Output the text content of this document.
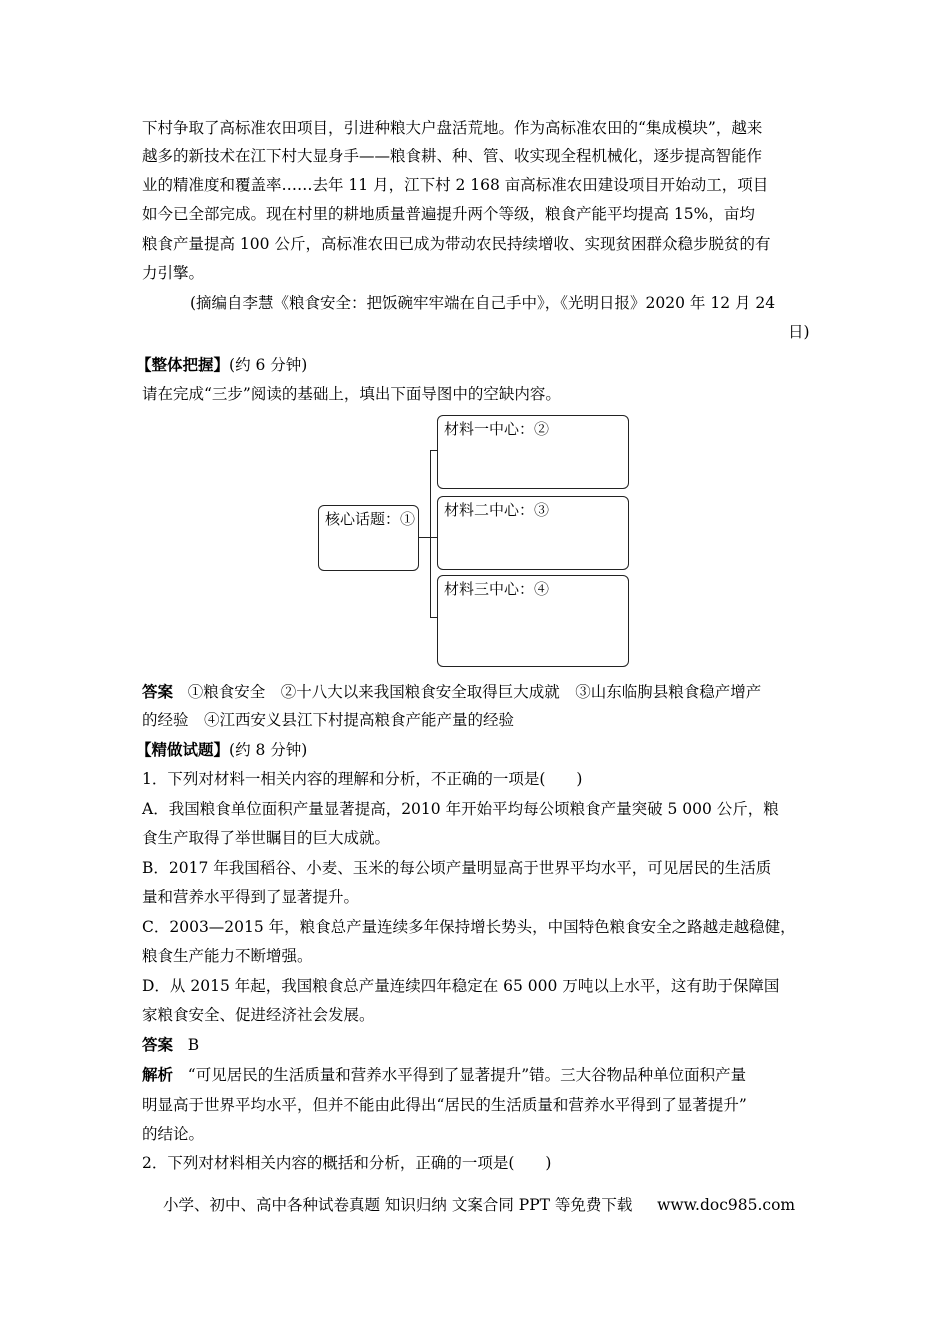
下村争取了高标准农田项目，引进种粮大户盘活荒地。作为高标准农田的“集成模块”，越来
越多的新技术在江下村大显身手——粮食耕、种、管、收实现全程机械化，逐步提高智能作
业的精准度和覆盖率……去年 11 月，江下村 2 168 亩高标准农田建设项目开始动工，项目
如今已全部完成。现在村里的耕地质量普遍提升两个等级，粮食产能平均提高 15%，亩均
粮食产量提高 100 公斤，高标准农田已成为带动农民持续增收、实现贫困群众稳步脱贫的有
力引擎。
(摘编自李慧《粮食安全：把饭碗牢牢端在自己手中》，《光明日报》2020 年 12 月 24
日)
【整体把握】(约 6 分钟)
请在完成“三步”阅读的基础上，填出下面导图中的空缺内容。
核心话题：①
材料一中心：②
材料二中心：③
材料三中心：④
答案 ①粮食安全　②十八大以来我国粮食安全取得巨大成就　③山东临朐县粮食稳产增产
的经验　④江西安义县江下村提高粮食产能产量的经验
【精做试题】(约 8 分钟)
1．下列对材料一相关内容的理解和分析，不正确的一项是(　　)
A．我国粮食单位面积产量显著提高，2010 年开始平均每公顷粮食产量突破 5 000 公斤，粮
食生产取得了举世瞩目的巨大成就。
B．2017 年我国稻谷、小麦、玉米的每公顷产量明显高于世界平均水平，可见居民的生活质
量和营养水平得到了显著提升。
C．2003—2015 年，粮食总产量连续多年保持增长势头，中国特色粮食安全之路越走越稳健，
粮食生产能力不断增强。
D．从 2015 年起，我国粮食总产量连续四年稳定在 65 000 万吨以上水平，这有助于保障国
家粮食安全、促进经济社会发展。
答案 B
解析 “可见居民的生活质量和营养水平得到了显著提升”错。三大谷物品种单位面积产量
明显高于世界平均水平，但并不能由此得出“居民的生活质量和营养水平得到了显著提升”
的结论。
2．下列对材料相关内容的概括和分析，正确的一项是(　　)
小学、初中、高中各种试卷真题 知识归纳 文案合同 PPT 等免费下载 www.doc985.com
